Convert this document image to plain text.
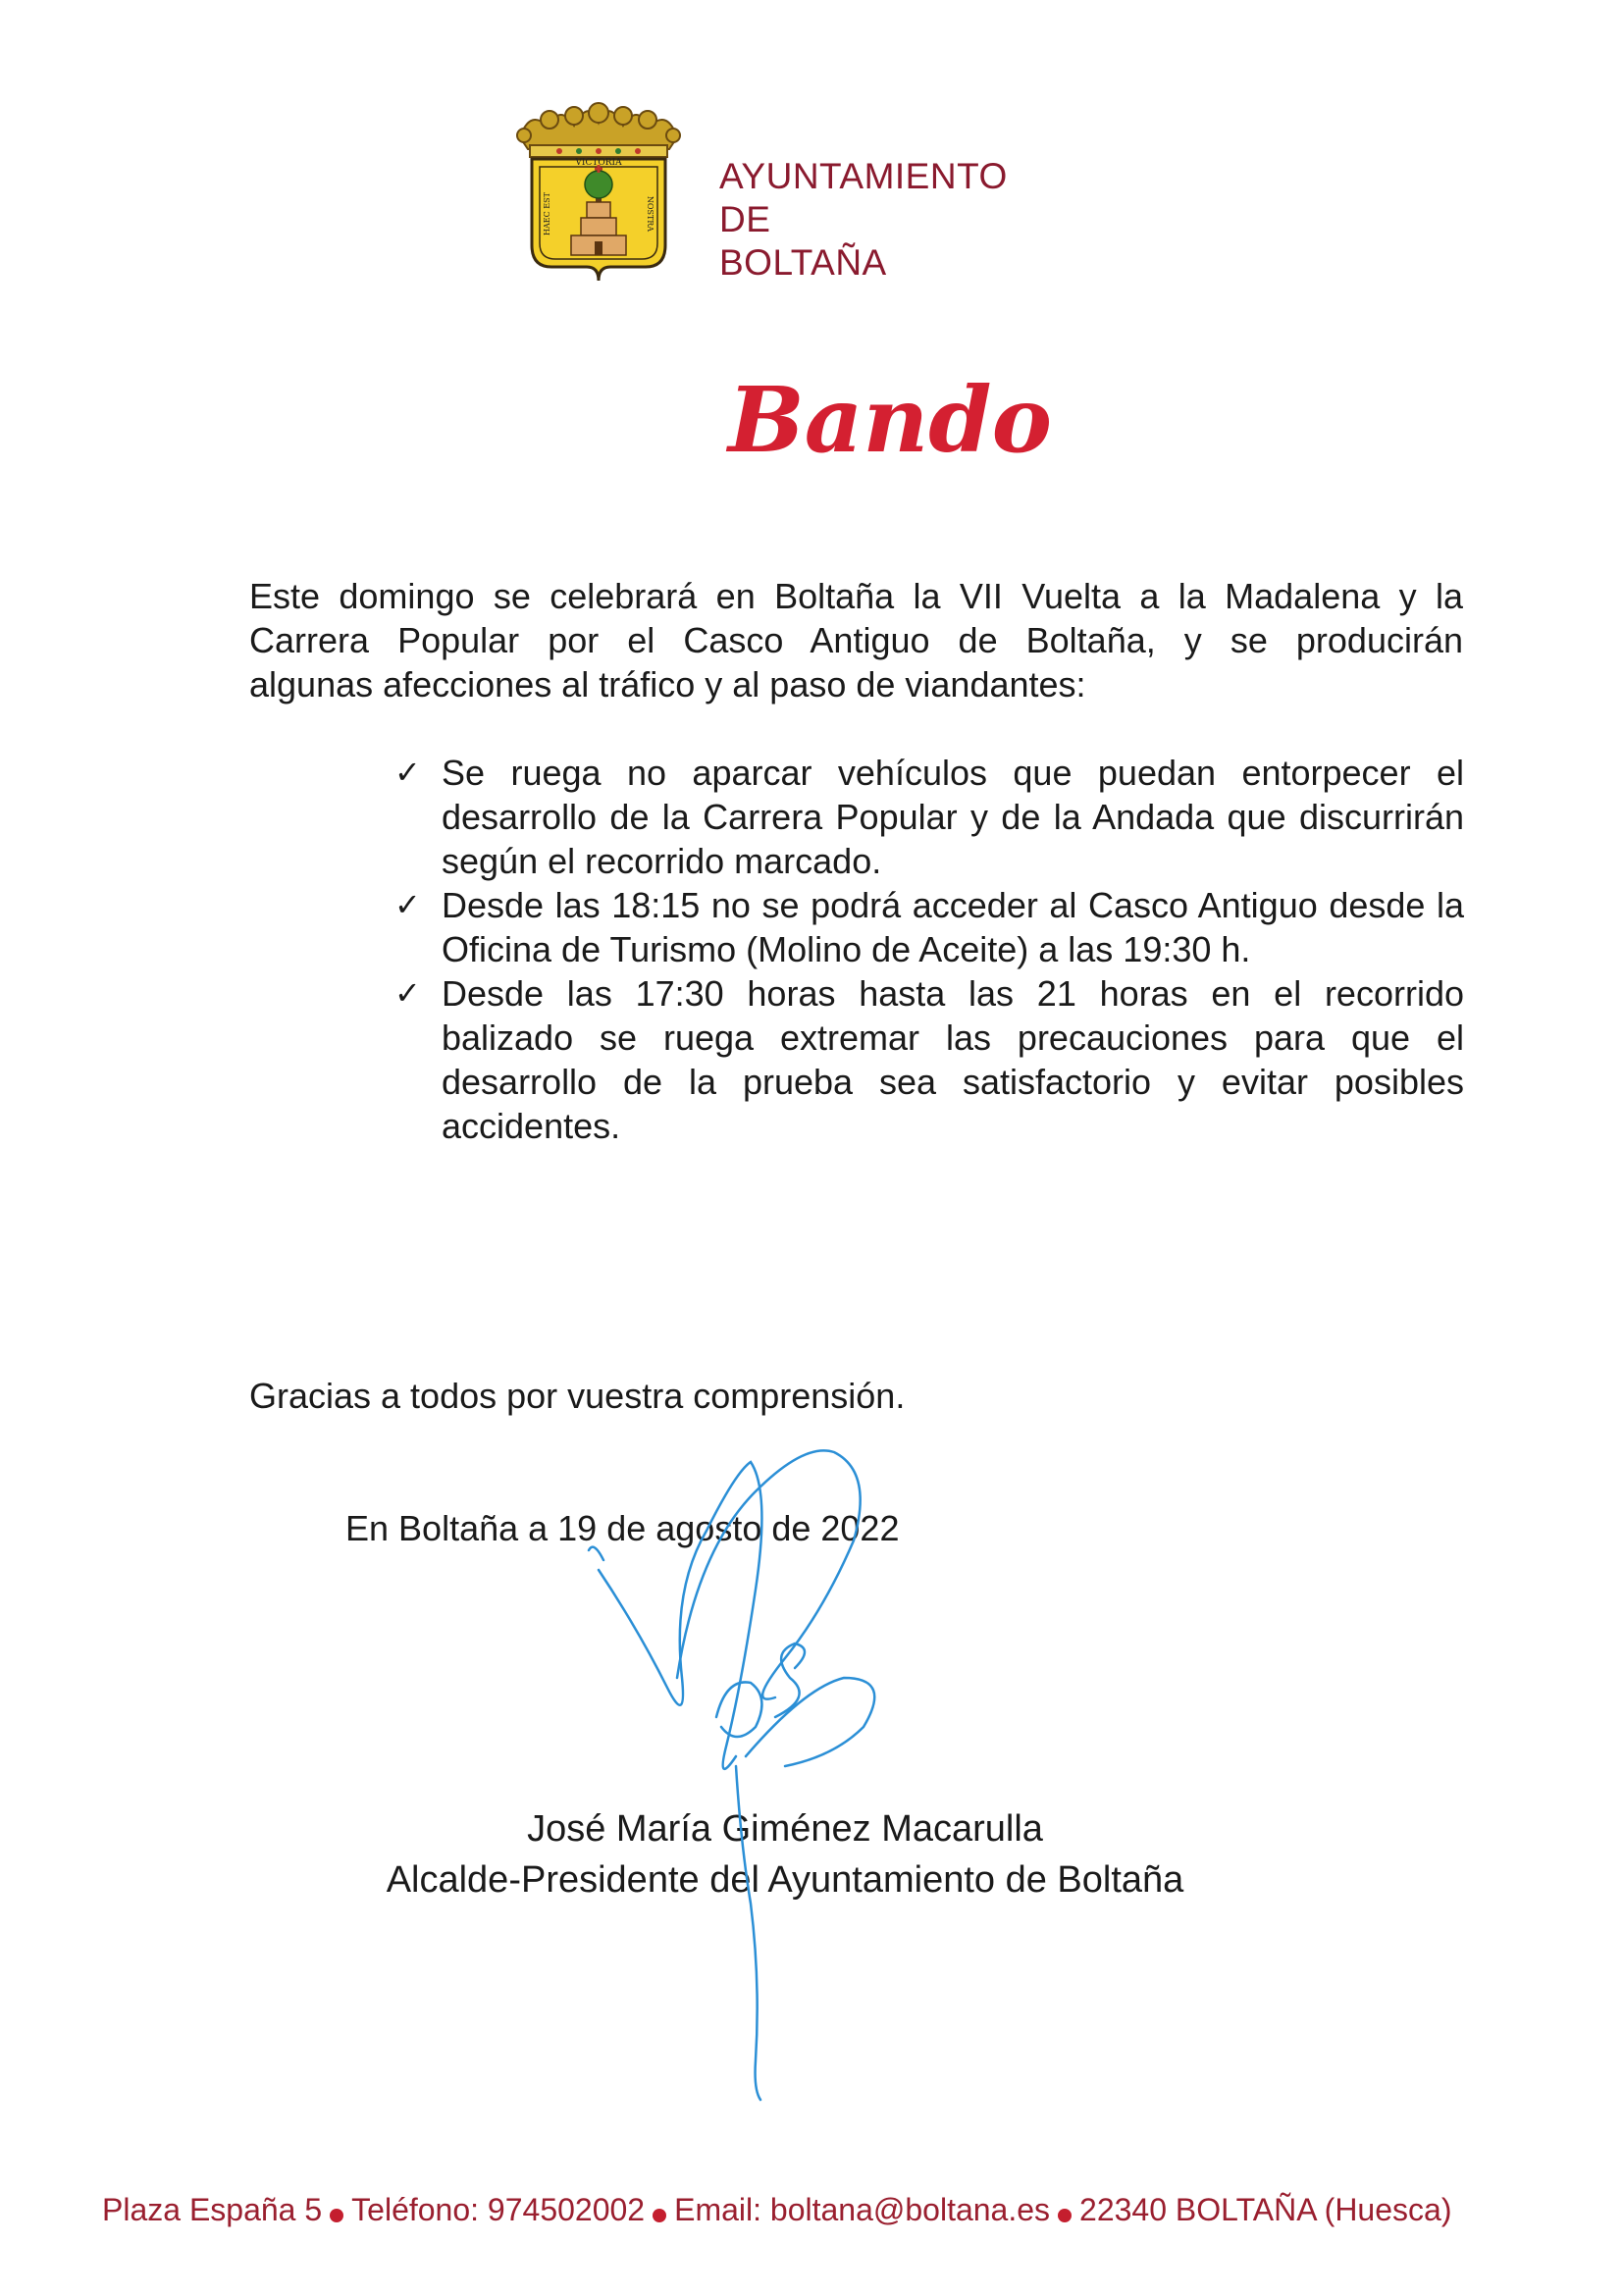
VICTORIA
HAEC EST	NOSTRA
AYUNTAMIENTO
DE
BOLTAÑA
Bando
Este domingo se celebrará en Boltaña la VII Vuelta a la Madalena y la
Carrera Popular por el Casco Antiguo de Boltaña, y se producirán
algunas afecciones al tráfico y al paso de viandantes:
✓ Se ruega no aparcar vehículos que puedan entorpecer el desarrollo de la Carrera Popular y de la Andada que discurrirán según el recorrido marcado.
✓ Desde las 18:15 no se podrá acceder al Casco Antiguo desde la Oficina de Turismo (Molino de Aceite) a las 19:30 h.
✓ Desde las 17:30 horas hasta las 21 horas en el recorrido balizado se ruega extremar las precauciones para que el desarrollo de la prueba sea satisfactorio y evitar posibles accidentes.
Gracias a todos por vuestra comprensión.
En Boltaña a 19 de agosto de 2022
José María Giménez Macarulla
Alcalde-Presidente del Ayuntamiento de Boltaña
Plaza España 5 Teléfono: 974502002 Email: boltana@boltana.es 22340 BOLTAÑA (Huesca)
